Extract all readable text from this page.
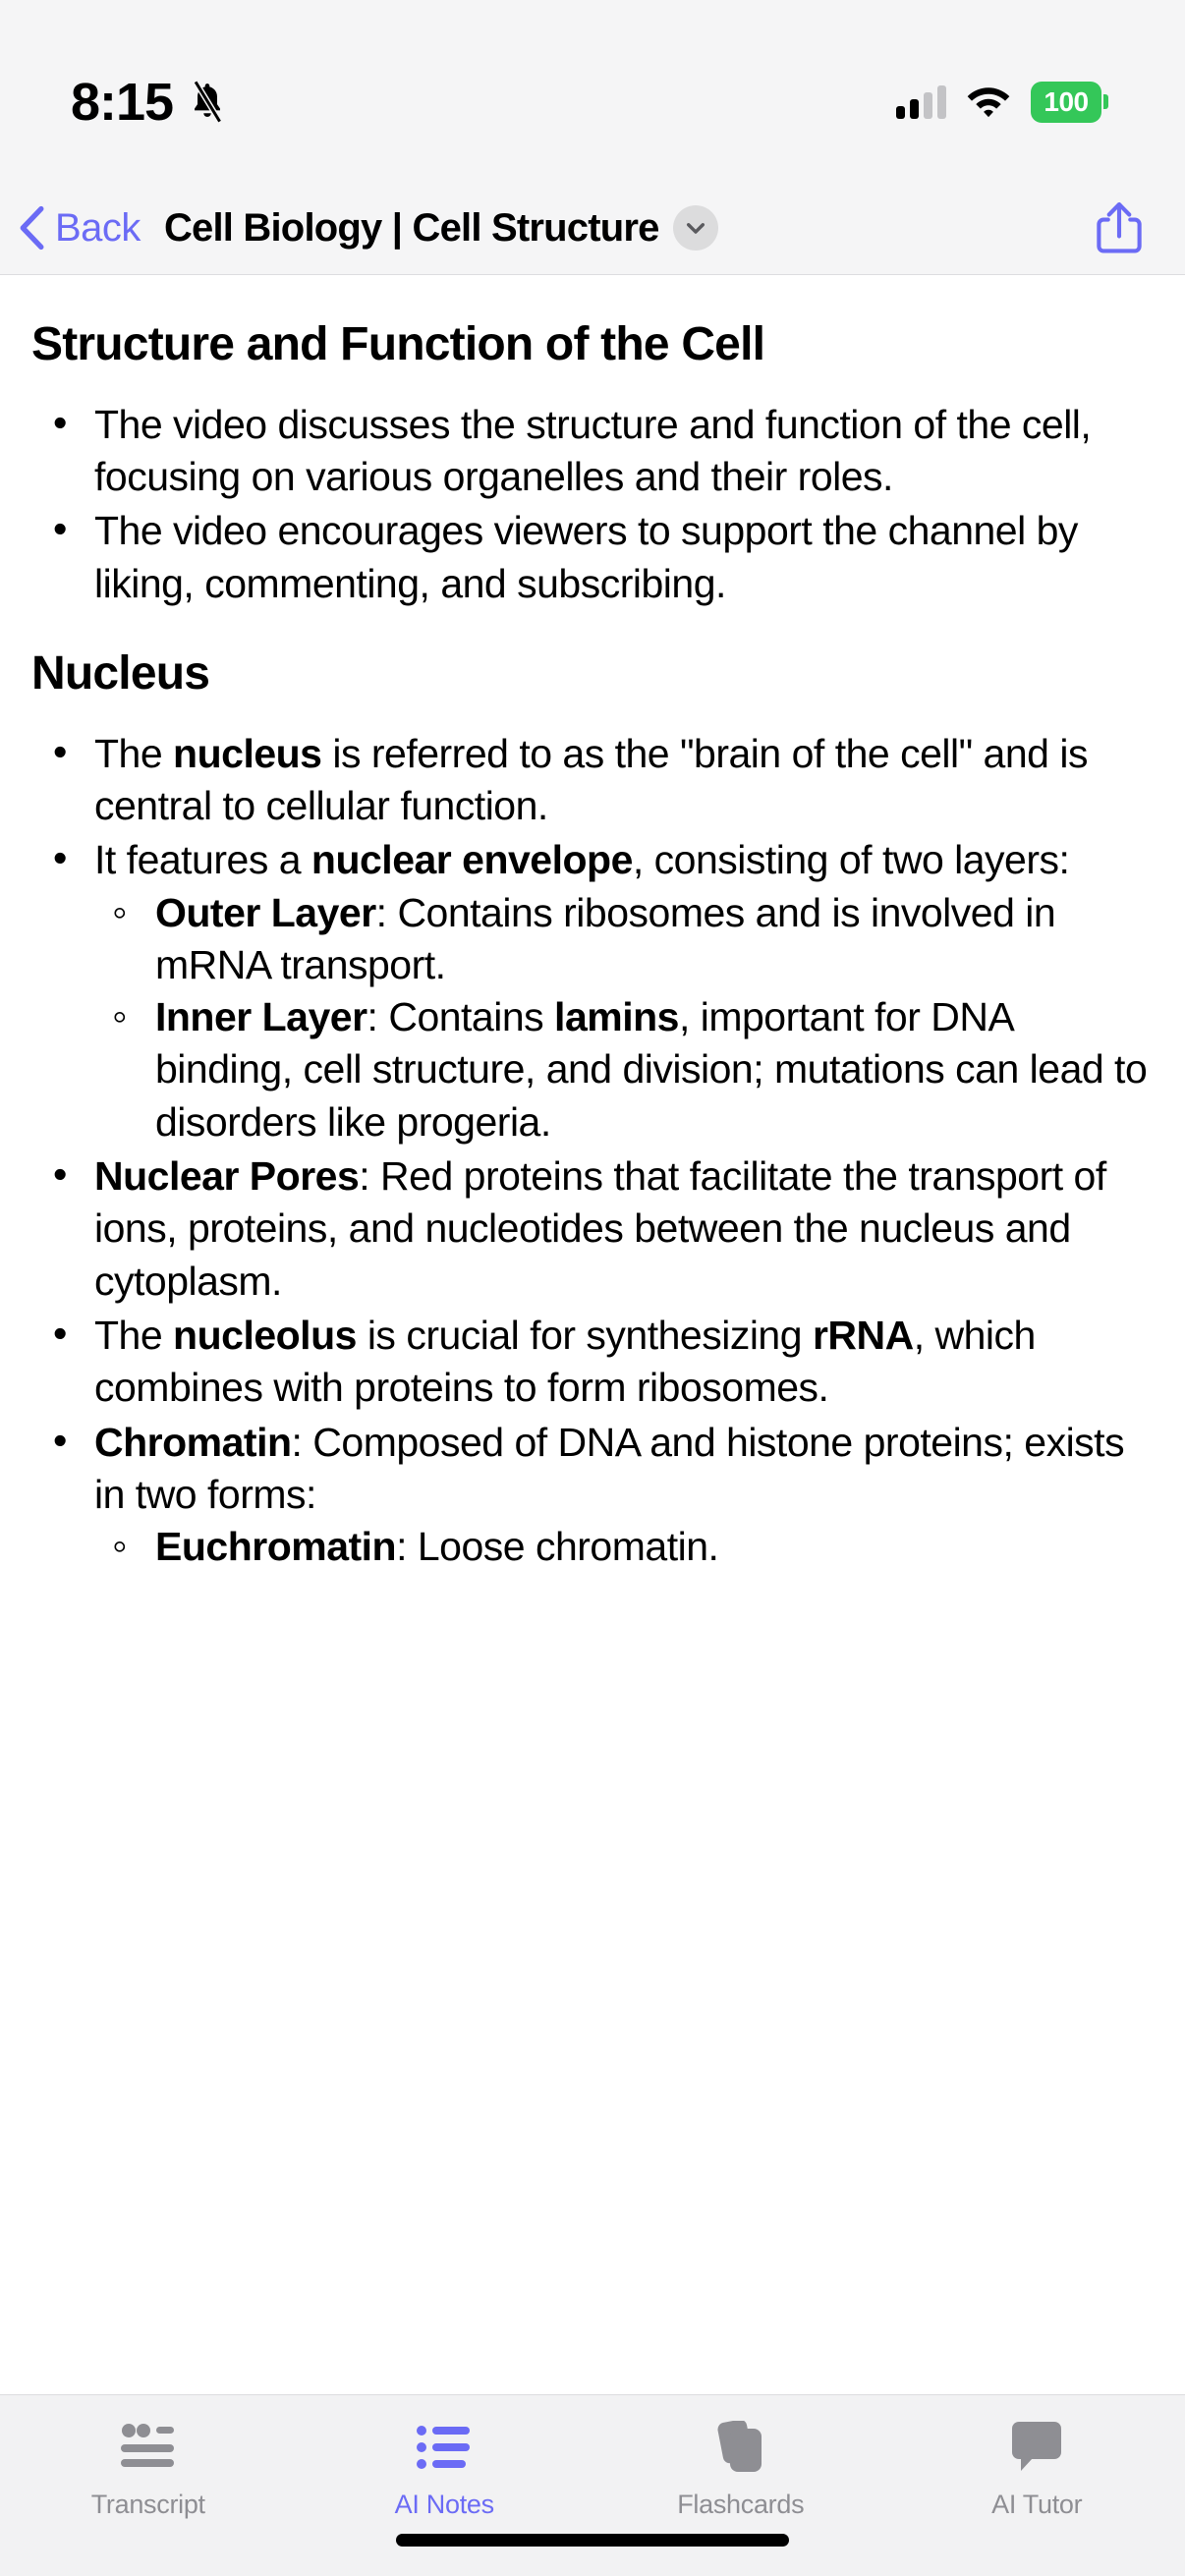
8:15	100
Back Cell Biology | Cell Structure
Structure and Function of the Cell
• The video discusses the structure and function of the cell, focusing on various organelles and their roles.
• The video encourages viewers to support the channel by liking, commenting, and subscribing.
Nucleus
• The nucleus is referred to as the "brain of the cell" and is central to cellular function.
• It features a nuclear envelope, consisting of two layers:
◦ Outer Layer: Contains ribosomes and is involved in mRNA transport.
◦ Inner Layer: Contains lamins, important for DNA binding, cell structure, and division; mutations can lead to disorders like progeria.
• Nuclear Pores: Red proteins that facilitate the transport of ions, proteins, and nucleotides between the nucleus and cytoplasm.
• The nucleolus is crucial for synthesizing rRNA, which combines with proteins to form ribosomes.
• Chromatin: Composed of DNA and histone proteins; exists in two forms:
◦ Euchromatin: Loose chromatin.
Transcript	AI Notes	Flashcards	AI Tutor
